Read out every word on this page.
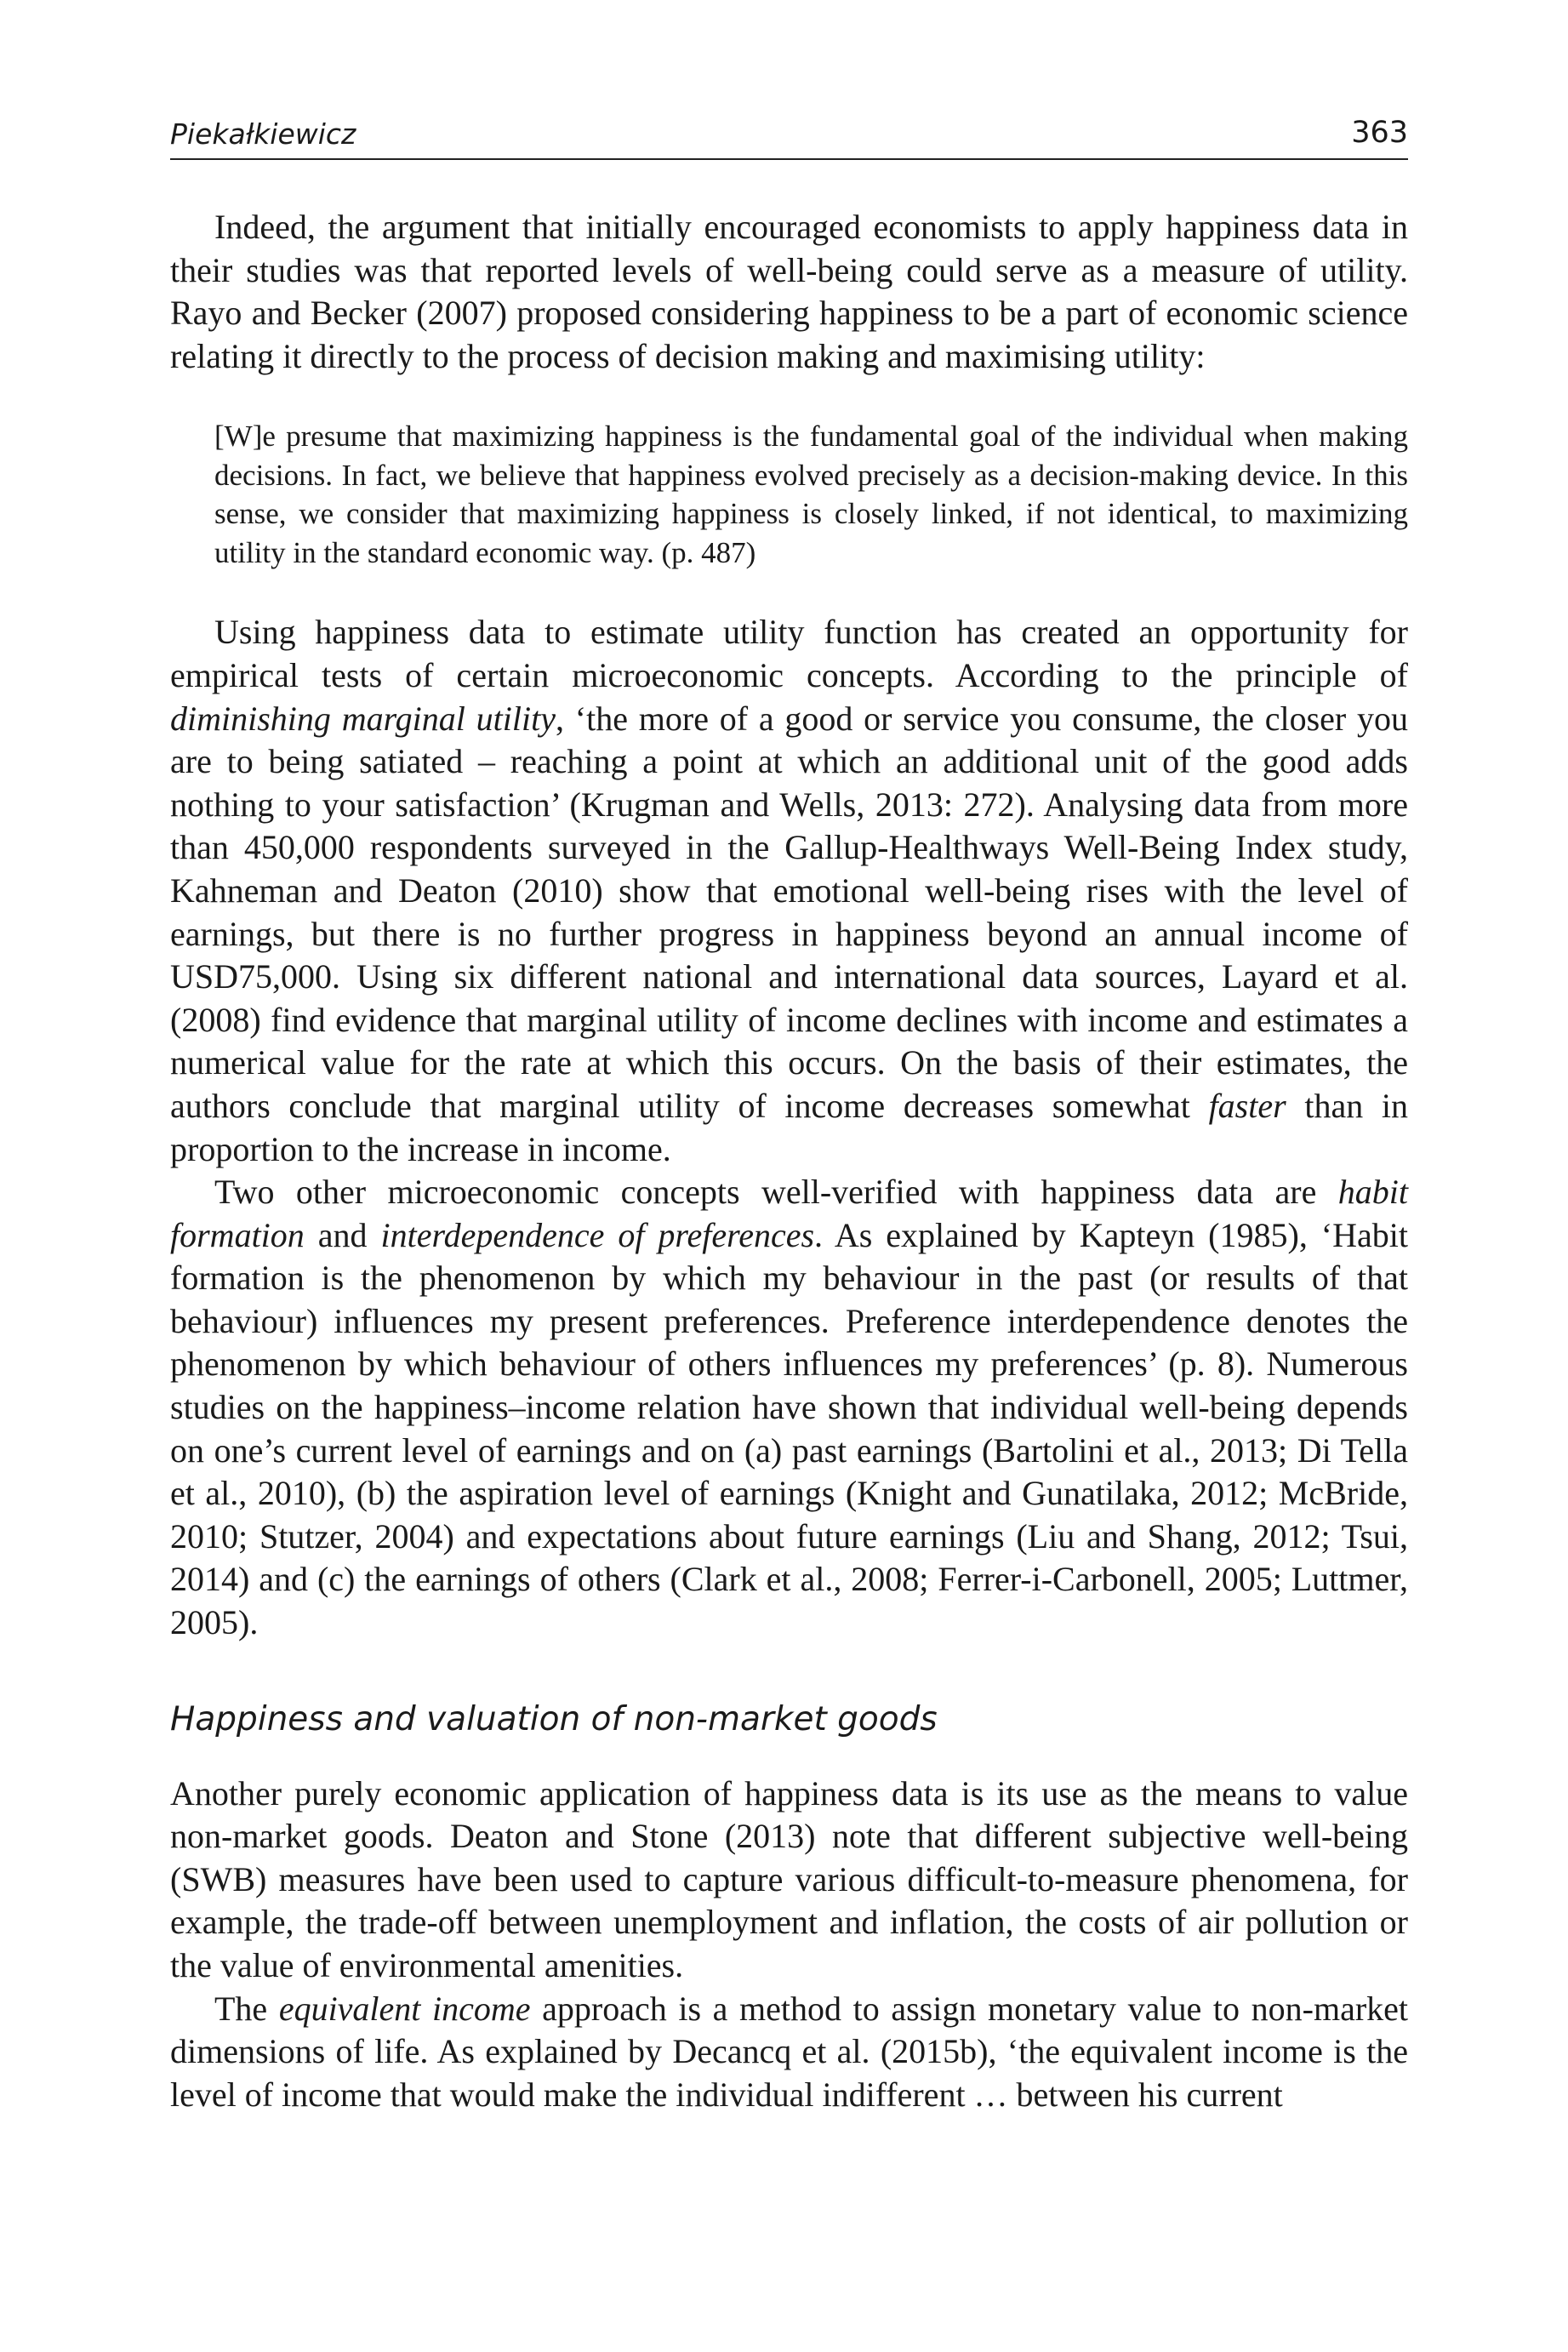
Piekałkiewicz	363

Indeed, the argument that initially encouraged economists to apply happiness data in their studies was that reported levels of well-being could serve as a measure of utility. Rayo and Becker (2007) proposed considering happiness to be a part of economic science relating it directly to the process of decision making and maximising utility:

[W]e presume that maximizing happiness is the fundamental goal of the individual when making decisions. In fact, we believe that happiness evolved precisely as a decision-making device. In this sense, we consider that maximizing happiness is closely linked, if not identical, to maximizing utility in the standard economic way. (p. 487)

Using happiness data to estimate utility function has created an opportunity for empirical tests of certain microeconomic concepts. According to the principle of diminishing marginal utility, ‘the more of a good or service you consume, the closer you are to being satiated – reaching a point at which an additional unit of the good adds nothing to your satisfaction’ (Krugman and Wells, 2013: 272). Analysing data from more than 450,000 respondents surveyed in the Gallup-Healthways Well-Being Index study, Kahneman and Deaton (2010) show that emotional well-being rises with the level of earnings, but there is no further progress in happiness beyond an annual income of USD75,000. Using six different national and international data sources, Layard et al. (2008) find evidence that marginal utility of income declines with income and estimates a numerical value for the rate at which this occurs. On the basis of their estimates, the authors conclude that marginal utility of income decreases somewhat faster than in proportion to the increase in income.

Two other microeconomic concepts well-verified with happiness data are habit formation and interdependence of preferences. As explained by Kapteyn (1985), ‘Habit formation is the phenomenon by which my behaviour in the past (or results of that behaviour) influences my present preferences. Preference interdependence denotes the phenomenon by which behaviour of others influences my preferences’ (p. 8). Numerous studies on the happiness–income relation have shown that individual well-being depends on one’s current level of earnings and on (a) past earnings (Bartolini et al., 2013; Di Tella et al., 2010), (b) the aspiration level of earnings (Knight and Gunatilaka, 2012; McBride, 2010; Stutzer, 2004) and expectations about future earnings (Liu and Shang, 2012; Tsui, 2014) and (c) the earnings of others (Clark et al., 2008; Ferrer-i-Carbonell, 2005; Luttmer, 2005).

Happiness and valuation of non-market goods

Another purely economic application of happiness data is its use as the means to value non-market goods. Deaton and Stone (2013) note that different subjective well-being (SWB) measures have been used to capture various difficult-to-measure phenomena, for example, the trade-off between unemployment and inflation, the costs of air pollution or the value of environmental amenities.

The equivalent income approach is a method to assign monetary value to non-market dimensions of life. As explained by Decancq et al. (2015b), ‘the equivalent income is the level of income that would make the individual indifferent … between his current
